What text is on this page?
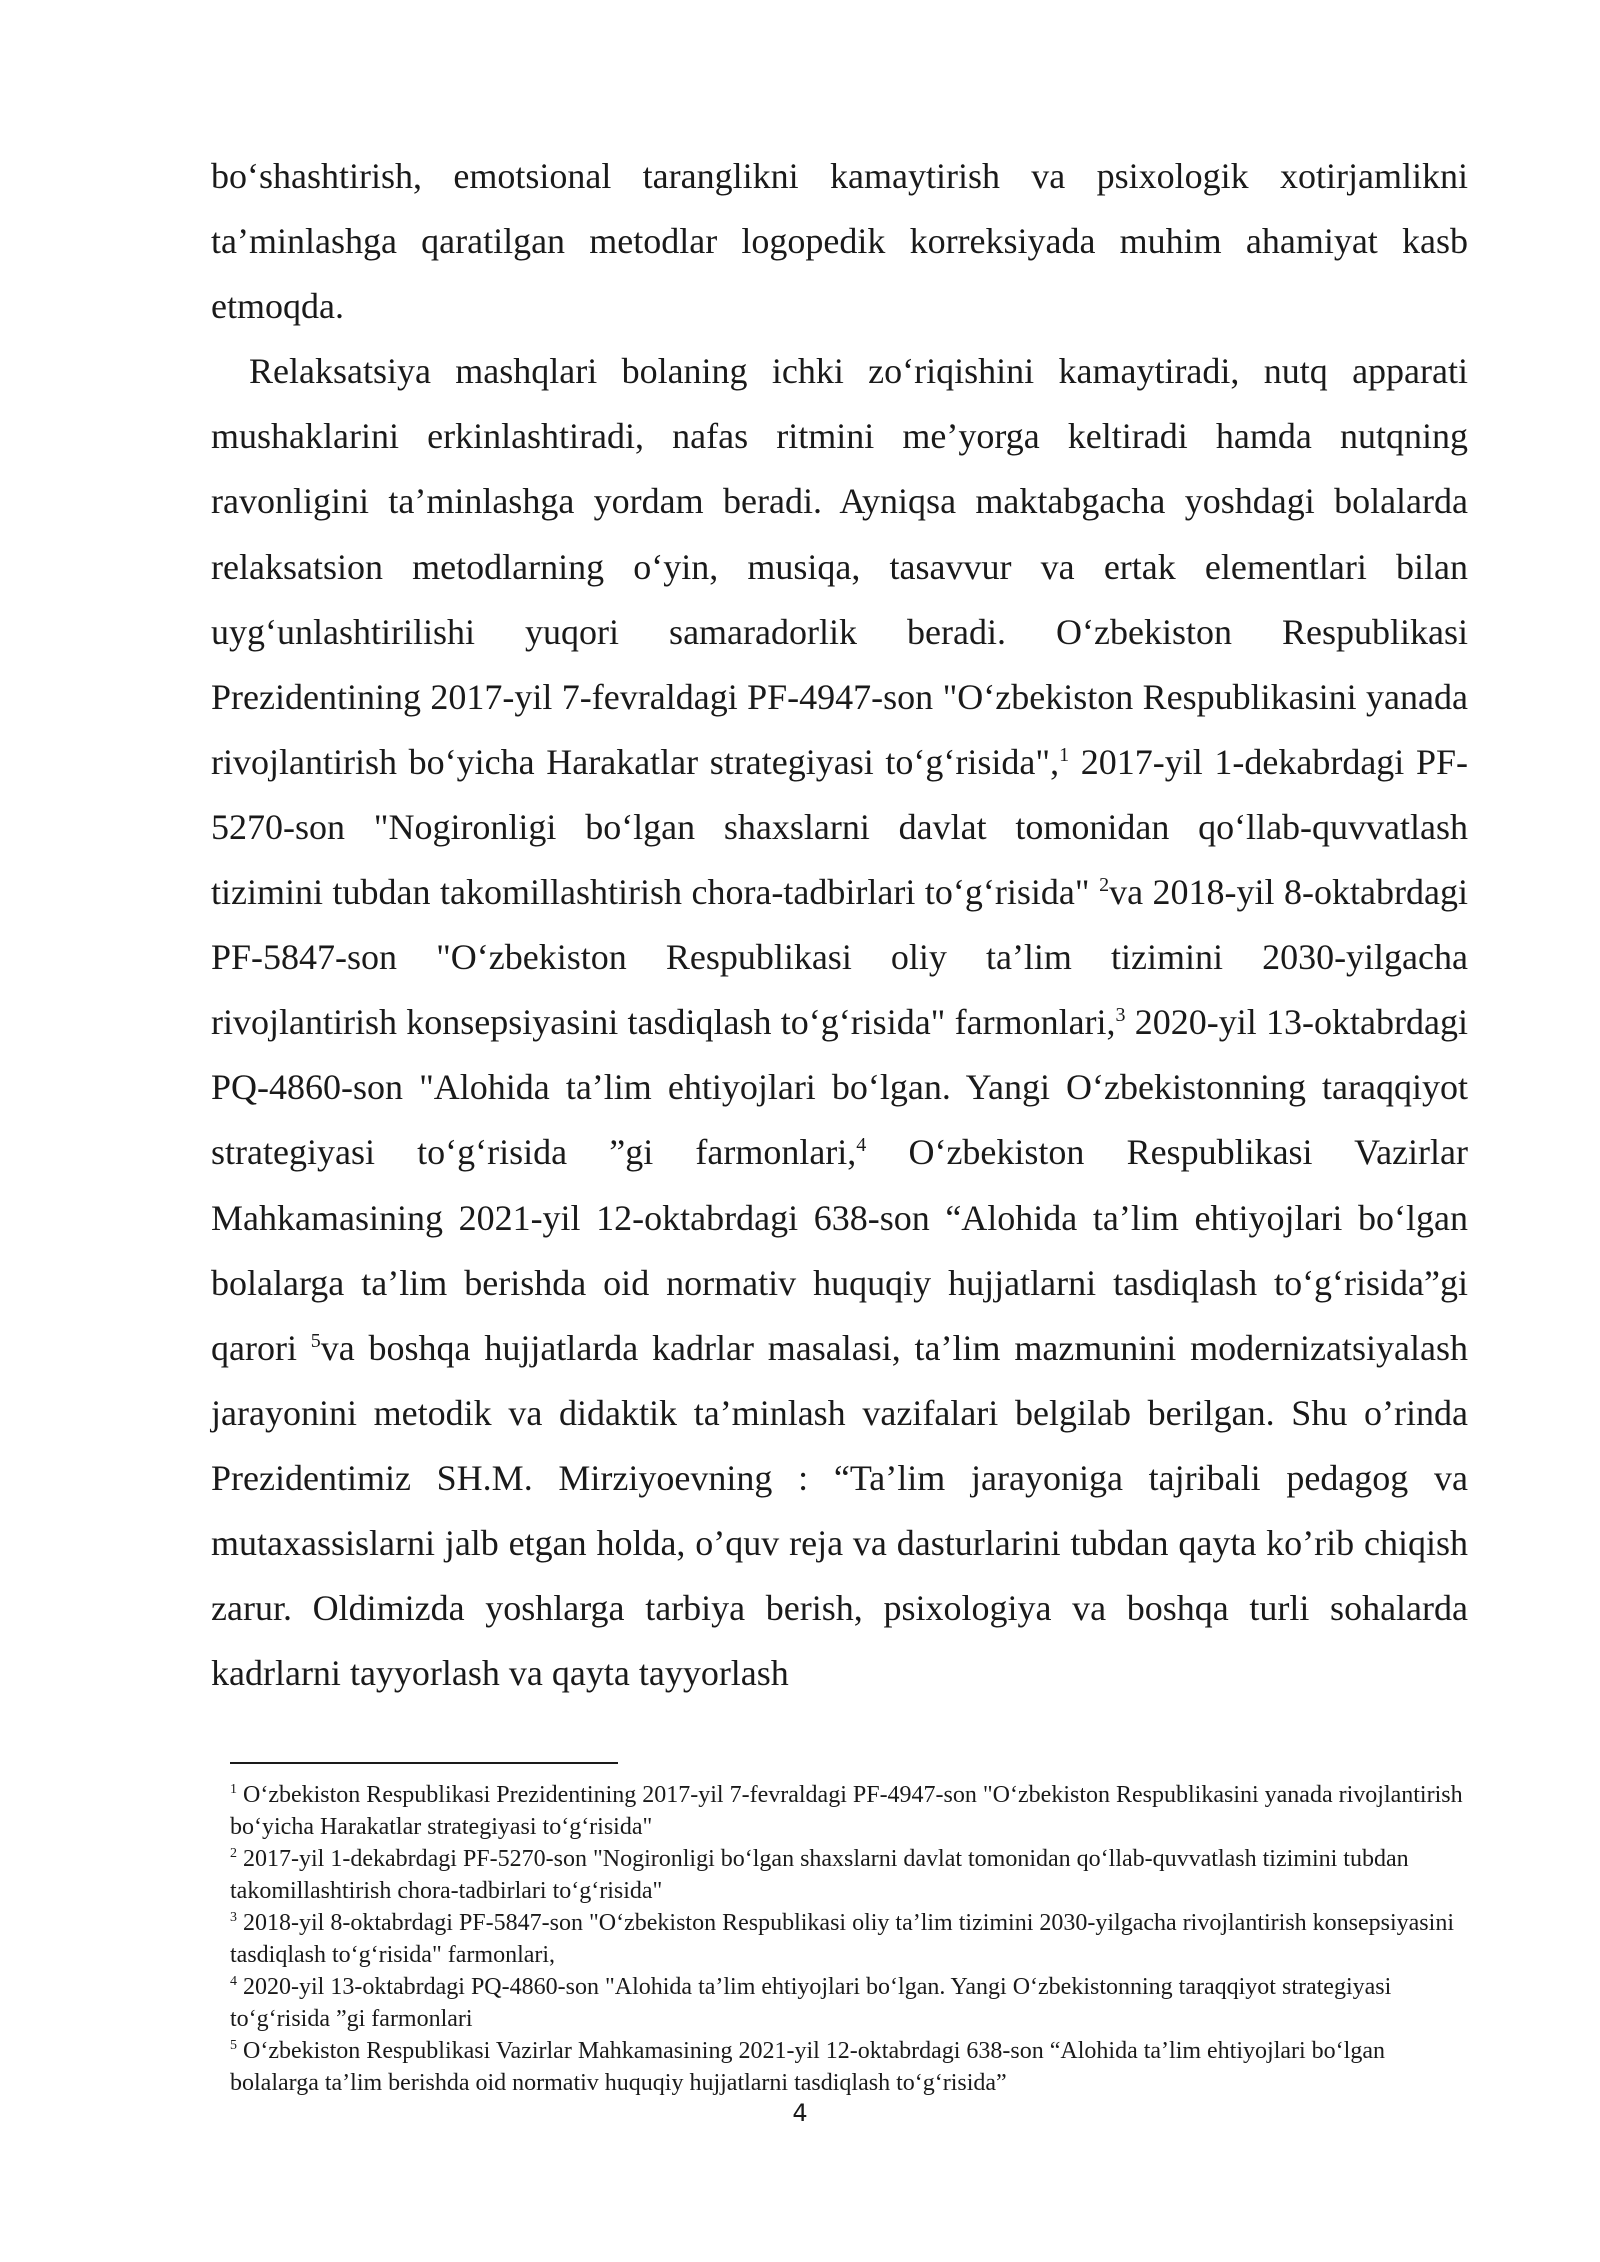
bo‘shashtirish, emotsional taranglikni kamaytirish va psixologik xotirjamlikni ta’minlashga qaratilgan metodlar logopedik korreksiyada muhim ahamiyat kasb etmoqda.

Relaksatsiya mashqlari bolaning ichki zo‘riqishini kamaytiradi, nutq apparati mushaklarini erkinlashtiradi, nafas ritmini me’yorga keltiradi hamda nutqning ravonligini ta’minlashga yordam beradi. Ayniqsa maktabgacha yoshdagi bolalarda relaksatsion metodlarning o‘yin, musiqa, tasavvur va ertak elementlari bilan uyg‘unlashtirilishi yuqori samaradorlik beradi. O‘zbekiston Respublikasi Prezidentining 2017-yil 7-fevraldagi PF-4947-son "O‘zbekiston Respublikasini yanada rivojlantirish bo‘yicha Harakatlar strategiyasi to‘g‘risida",$^1$ 2017-yil 1-dekabrdagi PF-5270-son "Nogironligi bo‘lgan shaxslarni davlat tomonidan qo‘llab-quvvatlash tizimini tubdan takomillashtirish chora-tadbirlari to‘g‘risida" $^2$va 2018-yil 8-oktabrdagi PF-5847-son "O‘zbekiston Respublikasi oliy ta’lim tizimini 2030-yilgacha rivojlantirish konsepsiyasini tasdiqlash to‘g‘risida" farmonlari,$^3$ 2020-yil 13-oktabrdagi PQ-4860-son "Alohida ta’lim ehtiyojlari bo‘lgan. Yangi O‘zbekistonning taraqqiyot strategiyasi to‘g‘risida ”gi farmonlari,$^4$ O‘zbekiston Respublikasi Vazirlar Mahkamasining 2021-yil 12-oktabrdagi 638-son “Alohida ta’lim ehtiyojlari bo‘lgan bolalarga ta’lim berishda oid normativ huquqiy hujjatlarni tasdiqlash to‘g‘risida”gi qarori $^5$va boshqa hujjatlarda kadrlar masalasi, ta’lim mazmunini modernizatsiyalash jarayonini metodik va didaktik ta’minlash vazifalari belgilab berilgan. Shu o’rinda Prezidentimiz SH.M. Mirziyoevning : “Ta’lim jarayoniga tajribali pedagog va mutaxassislarni jalb etgan holda, o’quv reja va dasturlarini tubdan qayta ko’rib chiqish zarur. Oldimizda yoshlarga tarbiya berish, psixologiya va boshqa turli sohalarda kadrlarni tayyorlash va qayta tayyorlash

$^1$ O‘zbekiston Respublikasi Prezidentining 2017-yil 7-fevraldagi PF-4947-son "O‘zbekiston Respublikasini yanada rivojlantirish bo‘yicha Harakatlar strategiyasi to‘g‘risida"

$^2$ 2017-yil 1-dekabrdagi PF-5270-son "Nogironligi bo‘lgan shaxslarni davlat tomonidan qo‘llab-quvvatlash tizimini tubdan takomillashtirish chora-tadbirlari to‘g‘risida"

$^3$ 2018-yil 8-oktabrdagi PF-5847-son "O‘zbekiston Respublikasi oliy ta’lim tizimini 2030-yilgacha rivojlantirish konsepsiyasini tasdiqlash to‘g‘risida" farmonlari,

$^4$ 2020-yil 13-oktabrdagi PQ-4860-son "Alohida ta’lim ehtiyojlari bo‘lgan. Yangi O‘zbekistonning taraqqiyot strategiyasi to‘g‘risida ”gi farmonlari

$^5$ O‘zbekiston Respublikasi Vazirlar Mahkamasining 2021-yil 12-oktabrdagi 638-son “Alohida ta’lim ehtiyojlari bo‘lgan bolalarga ta’lim berishda oid normativ huquqiy hujjatlarni tasdiqlash to‘g‘risida”

4
